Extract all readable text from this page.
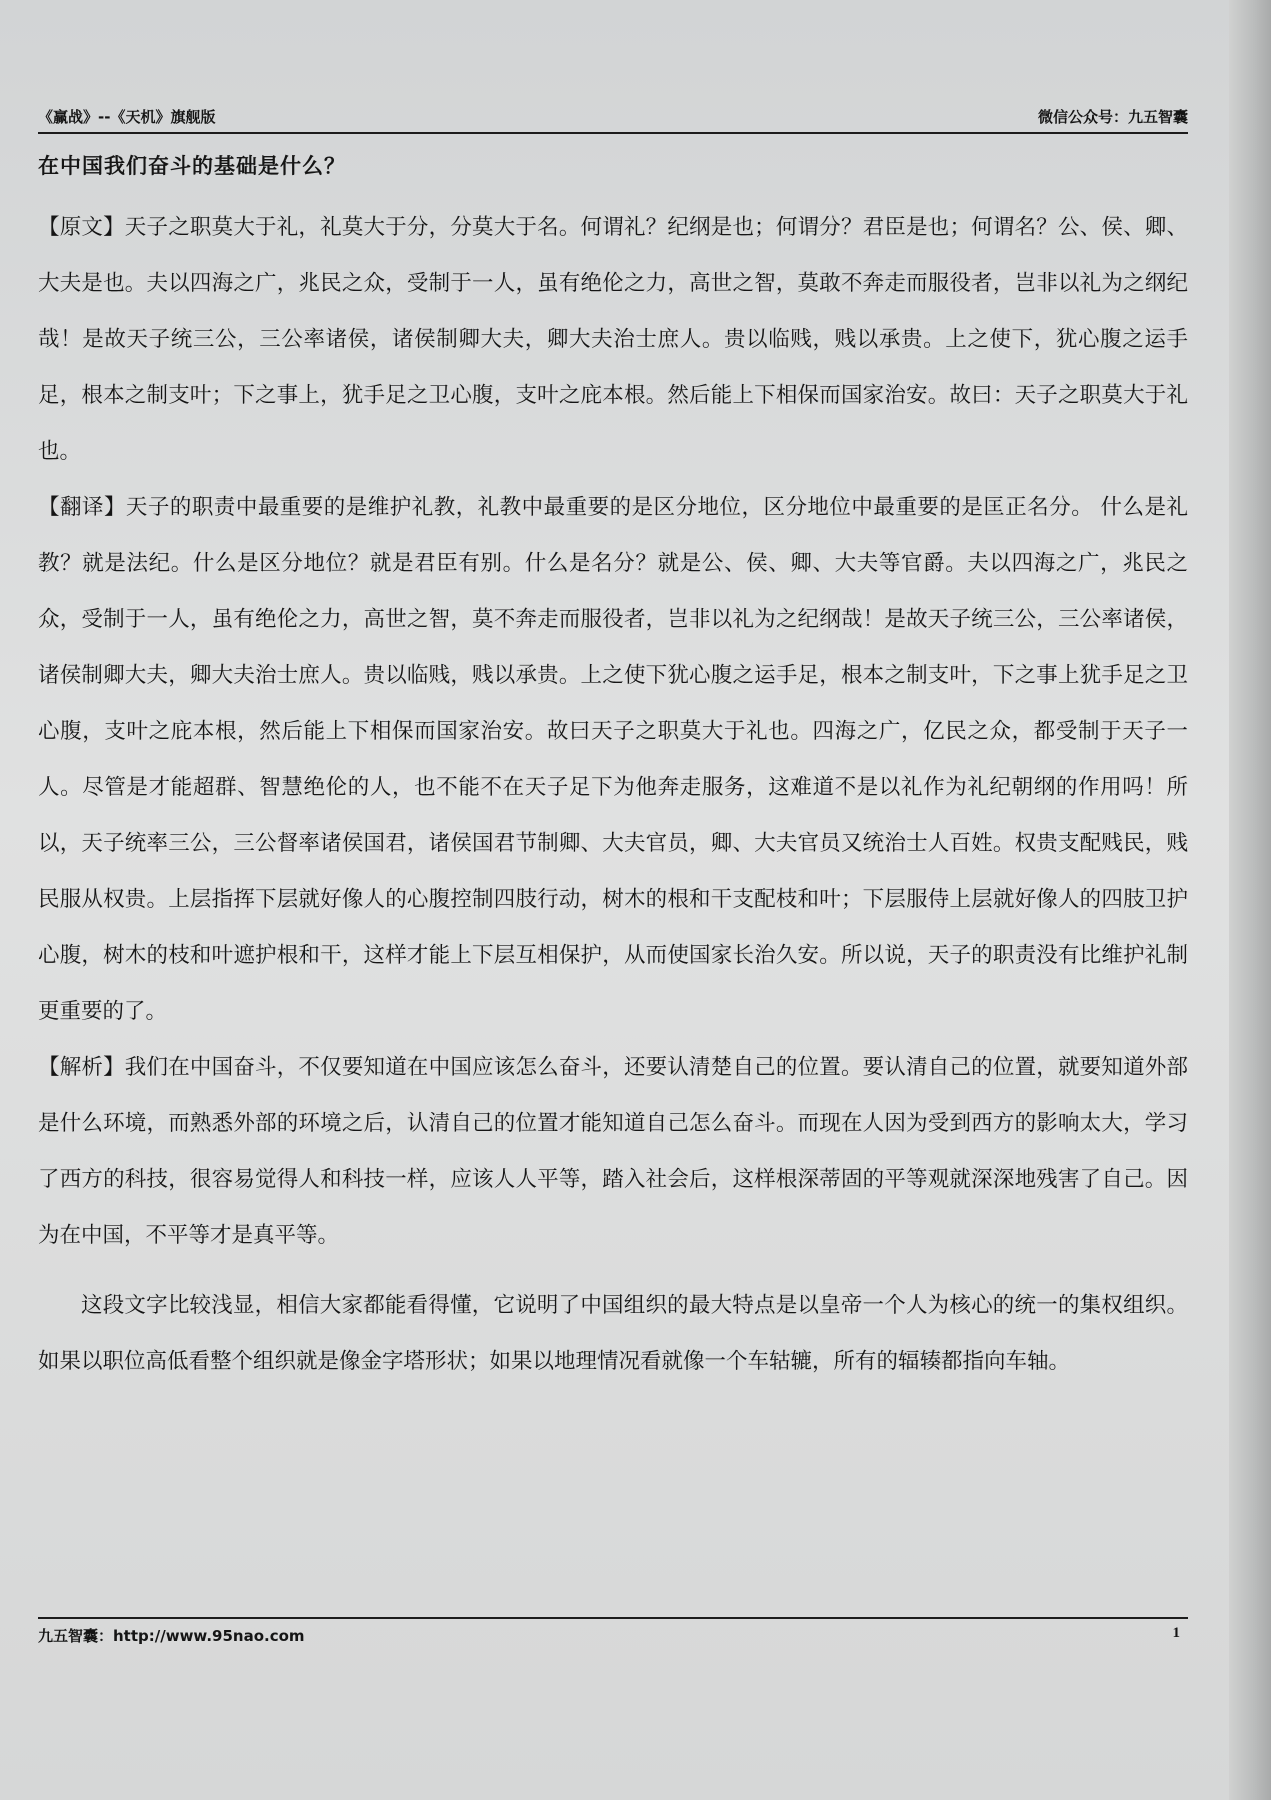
《赢战》--《天机》旗舰版	微信公众号：九五智囊
在中国我们奋斗的基础是什么？

【原文】天子之职莫大于礼，礼莫大于分，分莫大于名。何谓礼？纪纲是也；何谓分？君臣是也；何谓名？公、侯、卿、大夫是也。夫以四海之广，兆民之众，受制于一人，虽有绝伦之力，高世之智，莫敢不奔走而服役者，岂非以礼为之纲纪哉！是故天子统三公，三公率诸侯，诸侯制卿大夫，卿大夫治士庶人。贵以临贱，贱以承贵。上之使下，犹心腹之运手足，根本之制支叶；下之事上，犹手足之卫心腹，支叶之庇本根。然后能上下相保而国家治安。故曰：天子之职莫大于礼也。

【翻译】天子的职责中最重要的是维护礼教，礼教中最重要的是区分地位，区分地位中最重要的是匡正名分。 什么是礼教？就是法纪。什么是区分地位？就是君臣有别。什么是名分？就是公、侯、卿、大夫等官爵。夫以四海之广，兆民之众，受制于一人，虽有绝伦之力，高世之智，莫不奔走而服役者，岂非以礼为之纪纲哉！是故天子统三公，三公率诸侯，诸侯制卿大夫，卿大夫治士庶人。贵以临贱，贱以承贵。上之使下犹心腹之运手足，根本之制支叶，下之事上犹手足之卫心腹，支叶之庇本根，然后能上下相保而国家治安。故曰天子之职莫大于礼也。四海之广，亿民之众，都受制于天子一人。尽管是才能超群、智慧绝伦的人，也不能不在天子足下为他奔走服务，这难道不是以礼作为礼纪朝纲的作用吗！所以，天子统率三公，三公督率诸侯国君，诸侯国君节制卿、大夫官员，卿、大夫官员又统治士人百姓。权贵支配贱民，贱民服从权贵。上层指挥下层就好像人的心腹控制四肢行动，树木的根和干支配枝和叶；下层服侍上层就好像人的四肢卫护心腹，树木的枝和叶遮护根和干，这样才能上下层互相保护，从而使国家长治久安。所以说，天子的职责没有比维护礼制更重要的了。

【解析】我们在中国奋斗，不仅要知道在中国应该怎么奋斗，还要认清楚自己的位置。要认清自己的位置，就要知道外部是什么环境，而熟悉外部的环境之后，认清自己的位置才能知道自己怎么奋斗。而现在人因为受到西方的影响太大，学习了西方的科技，很容易觉得人和科技一样，应该人人平等，踏入社会后，这样根深蒂固的平等观就深深地残害了自己。因为在中国，不平等才是真平等。

这段文字比较浅显，相信大家都能看得懂，它说明了中国组织的最大特点是以皇帝一个人为核心的统一的集权组织。如果以职位高低看整个组织就是像金字塔形状；如果以地理情况看就像一个车轱辘，所有的辐辏都指向车轴。

九五智囊：http://www.95nao.com	1
